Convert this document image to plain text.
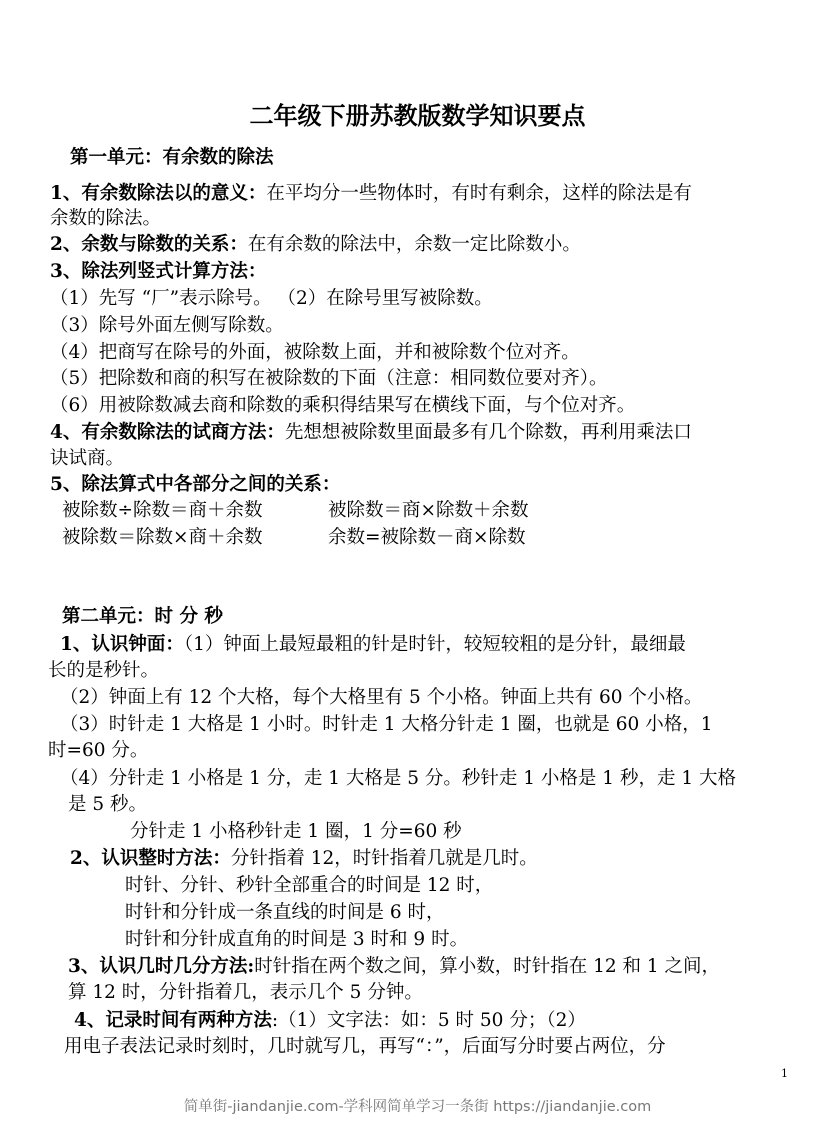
二年级下册苏教版数学知识要点
第一单元：有余数的除法
1、有余数除法以的意义：在平均分一些物体时，有时有剩余，这样的除法是有
余数的除法。
2、余数与除数的关系：在有余数的除法中，余数一定比除数小。
3、除法列竖式计算方法：
（1）先写 “厂”表示除号。 （2）在除号里写被除数。
（3）除号外面左侧写除数。
（4）把商写在除号的外面，被除数上面，并和被除数个位对齐。
（5）把除数和商的积写在被除数的下面（注意：相同数位要对齐）。
（6）用被除数减去商和除数的乘积得结果写在横线下面，与个位对齐。
4、有余数除法的试商方法：先想想被除数里面最多有几个除数，再利用乘法口
诀试商。
5、除法算式中各部分之间的关系：
被除数÷除数＝商＋余数	被除数＝商×除数＋余数
被除数＝除数×商＋余数	余数=被除数－商×除数
第二单元：时 分 秒
1、认识钟面：（1）钟面上最短最粗的针是时针，较短较粗的是分针，最细最
长的是秒针。
（2）钟面上有 12 个大格，每个大格里有 5 个小格。钟面上共有 60 个小格。
（3）时针走 1 大格是 1 小时。时针走 1 大格分针走 1 圈，也就是 60 小格，1
时=60 分。
（4）分针走 1 小格是 1 分，走 1 大格是 5 分。秒针走 1 小格是 1 秒，走 1 大格
是 5 秒。
分针走 1 小格秒针走 1 圈，1 分=60 秒
2、认识整时方法：分针指着 12，时针指着几就是几时。
时针、分针、秒针全部重合的时间是 12 时，
时针和分针成一条直线的时间是 6 时，
时针和分针成直角的时间是 3 时和 9 时。
3、认识几时几分方法:时针指在两个数之间，算小数，时针指在 12 和 1 之间，
算 12 时，分针指着几，表示几个 5 分钟。
4、记录时间有两种方法:（1）文字法：如：5 时 50 分；（2）
用电子表法记录时刻时，几时就写几，再写“：”，后面写分时要占两位，分
1
简单街-jiandanjie.com-学科网简单学习一条街 https://jiandanjie.com
